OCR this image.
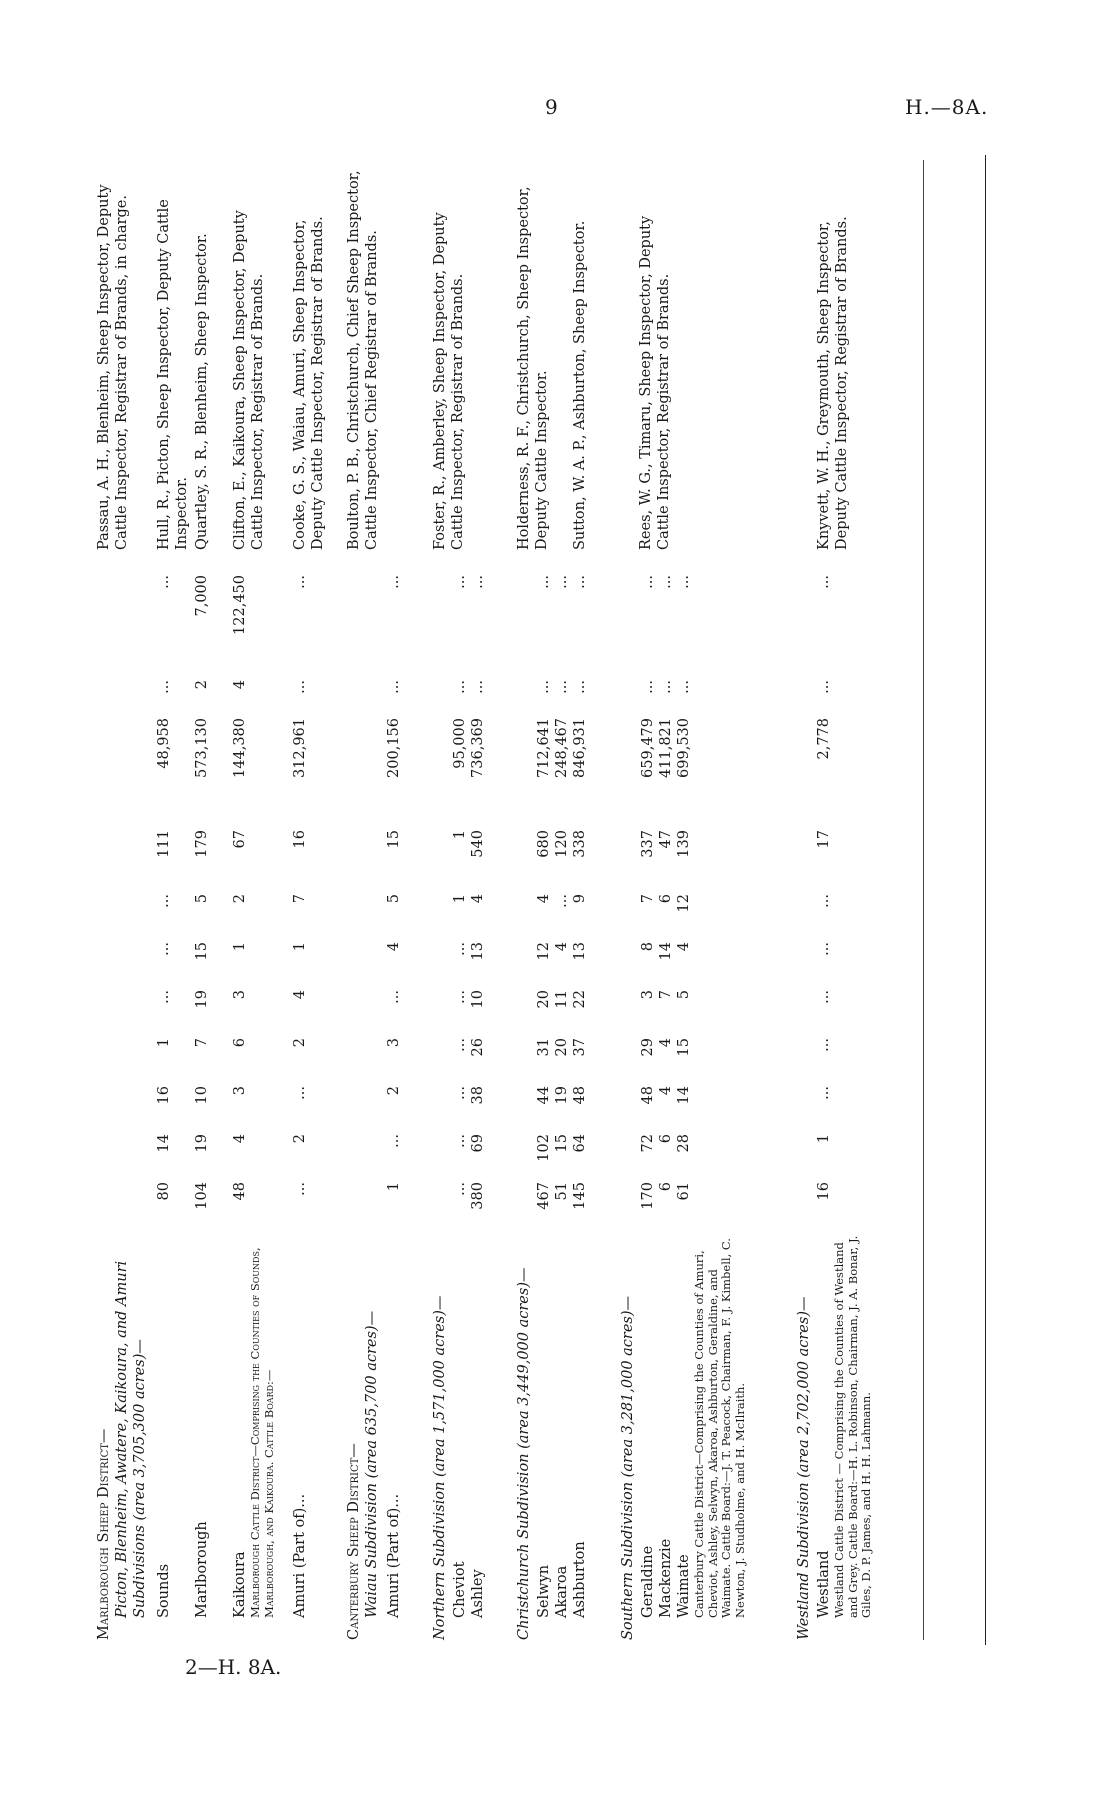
9	H.—8A.
2—H. 8A.
Marlborough Sheep District—
Passau, A. H., Blenheim, Sheep Inspector, Deputy Cattle Inspector, Registrar of Brands, in charge.
Picton, Blenheim, Awatere, Kaikoura, and Amuri Subdivisions (area 3,705,300 acres)— Sounds
80
14
16
1
...
...
...
111
48,958
...
...
Hull, R., Picton, Sheep Inspector, Deputy Cattle Inspector.
Marlborough
104
19
10
7
19
15
5
179
573,130
2
7,000
Quartley, S. R., Blenheim, Sheep Inspector.
Kaikoura
48
4
3
6
3
1
2
67
144,380
4
122,450
Clifton, E., Kaikoura, Sheep Inspector, Deputy Cattle Inspector, Registrar of Brands.
Marlborough Cattle District—Comprising the Counties of Sounds, Marlborough, and Kaikoura. Cattle Board:— Amuri (Part of)...
...
2
...
2
4
1
7
16
312,961
...
...
Cooke, G. S., Waiau, Amuri, Sheep Inspector, Deputy Cattle Inspector, Registrar of Brands.
Canterbury Sheep District—
Boulton, P. B., Christchurch, Chief Sheep Inspector, Cattle Inspector, Chief Registrar of Brands.
Waiau Subdivision (area 635,700 acres)— Amuri (Part of)...
1
...
2
3
...
4
5
15
200,156
...
...
Northern Subdivision (area 1,571,000 acres)—
Foster, R., Amberley, Sheep Inspector, Deputy Cattle Inspector, Registrar of Brands.
Cheviot
...
...
...
...
...
...
1
1
95,000
...
...
Ashley
380
69
38
26
10
13
4
540
736,369
...
...
Christchurch Subdivision (area 3,449,000 acres)—
Holderness, R. F., Christchurch, Sheep Inspector, Deputy Cattle Inspector.
Selwyn
467
102
44
31
20
12
4
680
712,641
...
...
Akaroa
51
15
19
20
11
4
...
120
248,467
...
...
Ashburton
145
64
48
37
22
13
9
338
846,931
...
...
Sutton, W. A. P., Ashburton, Sheep Inspector.
Southern Subdivision (area 3,281,000 acres)—
Rees, W. G., Timaru, Sheep Inspector, Deputy Cattle Inspector, Registrar of Brands.
Geraldine
170
72
48
29
3
8
7
337
659,479
...
...
Mackenzie
6
6
4
4
7
14
6
47
411,821
...
...
Waimate
61
28
14
15
5
4
12
139
699,530
...
...
Canterbury Cattle District—Comprising the Counties of Amuri, Cheviot, Ashley, Selwyn, Akaroa, Ashburton, Geraldine, and Waimate. Cattle Board:—J. T. Peacock, Chairman, F. J. Kimbell, C. Newton, J. Studholme, and H. McIlraith.	Westland Subdivision (area 2,702,000 acres)— Westland
16
1
...
...
...
...
...
17
2,778
...
...
Knyvett, W. H., Greymouth, Sheep Inspector, Deputy Cattle Inspector, Registrar of Brands.
Westland Cattle District — Comprising the Counties of Westland and Grey. Cattle Board:—H. L. Robinson, Chairman, J. A. Bonar, J. Giles, D. P. James, and H. H. Lahmann.
